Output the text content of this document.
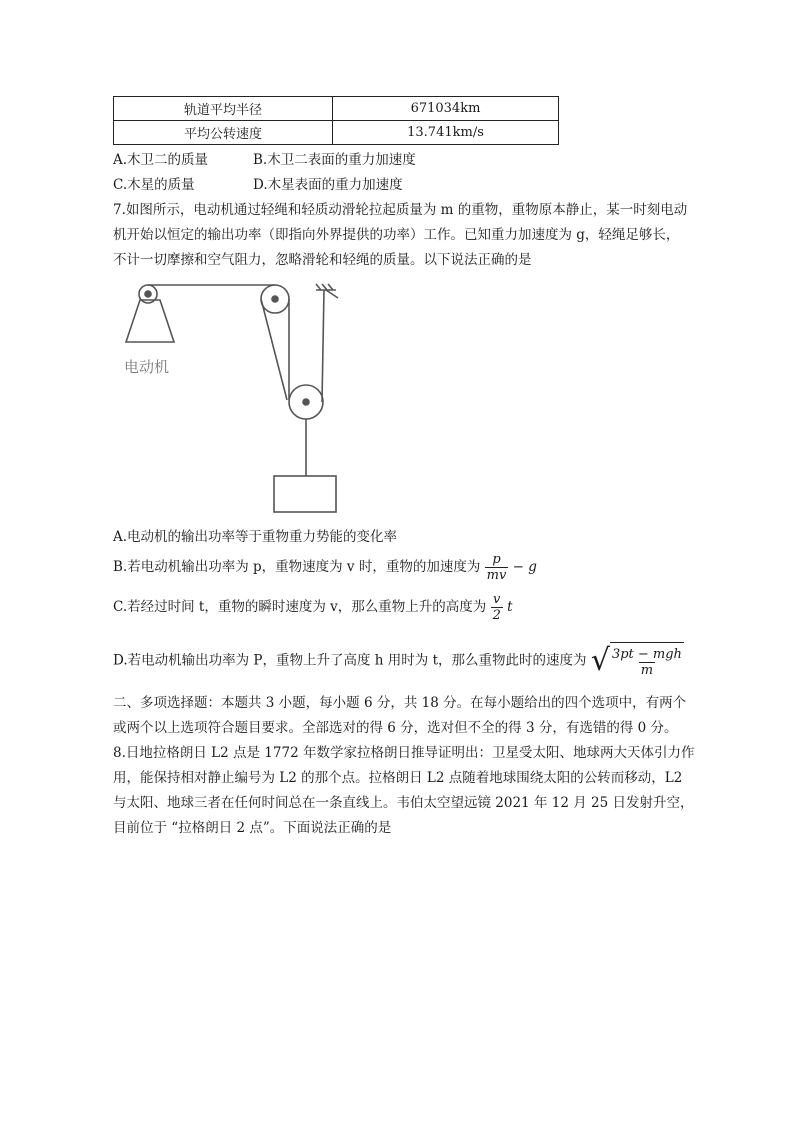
轨道平均半径	671034km
平均公转速度	13.741km/s
A.木卫二的质量	B.木卫二表面的重力加速度
C.木星的质量	D.木星表面的重力加速度
7.如图所示，电动机通过轻绳和轻质动滑轮拉起质量为 m 的重物，重物原本静止，某一时刻电动
机开始以恒定的输出功率（即指向外界提供的功率）工作。已知重力加速度为 g，轻绳足够长，
不计一切摩擦和空气阻力，忽略滑轮和轻绳的质量。以下说法正确的是
电动机
A.电动机的输出功率等于重物重力势能的变化率
B.若电动机输出功率为 p，重物速度为 v 时，重物的加速度为 $\frac{p}{mv} - g$
C.若经过时间 t，重物的瞬时速度为 v，那么重物上升的高度为 $\frac{v}{2}$ t
D.若电动机输出功率为 P，重物上升了高度 h 用时为 t，那么重物此时的速度为 √ $\frac{\text{3pt − mgh}}{m}$
二、多项选择题：本题共 3 小题，每小题 6 分，共 18 分。在每小题给出的四个选项中，有两个
或两个以上选项符合题目要求。全部选对的得 6 分，选对但不全的得 3 分，有选错的得 0 分。
8.日地拉格朗日 L2 点是 1772 年数学家拉格朗日推导证明出：卫星受太阳、地球两大天体引力作
用，能保持相对静止编号为 L2 的那个点。拉格朗日 L2 点随着地球围绕太阳的公转而移动，L2
与太阳、地球三者在任何时间总在一条直线上。韦伯太空望远镜 2021 年 12 月 25 日发射升空，
目前位于 “拉格朗日 2 点”。下面说法正确的是
